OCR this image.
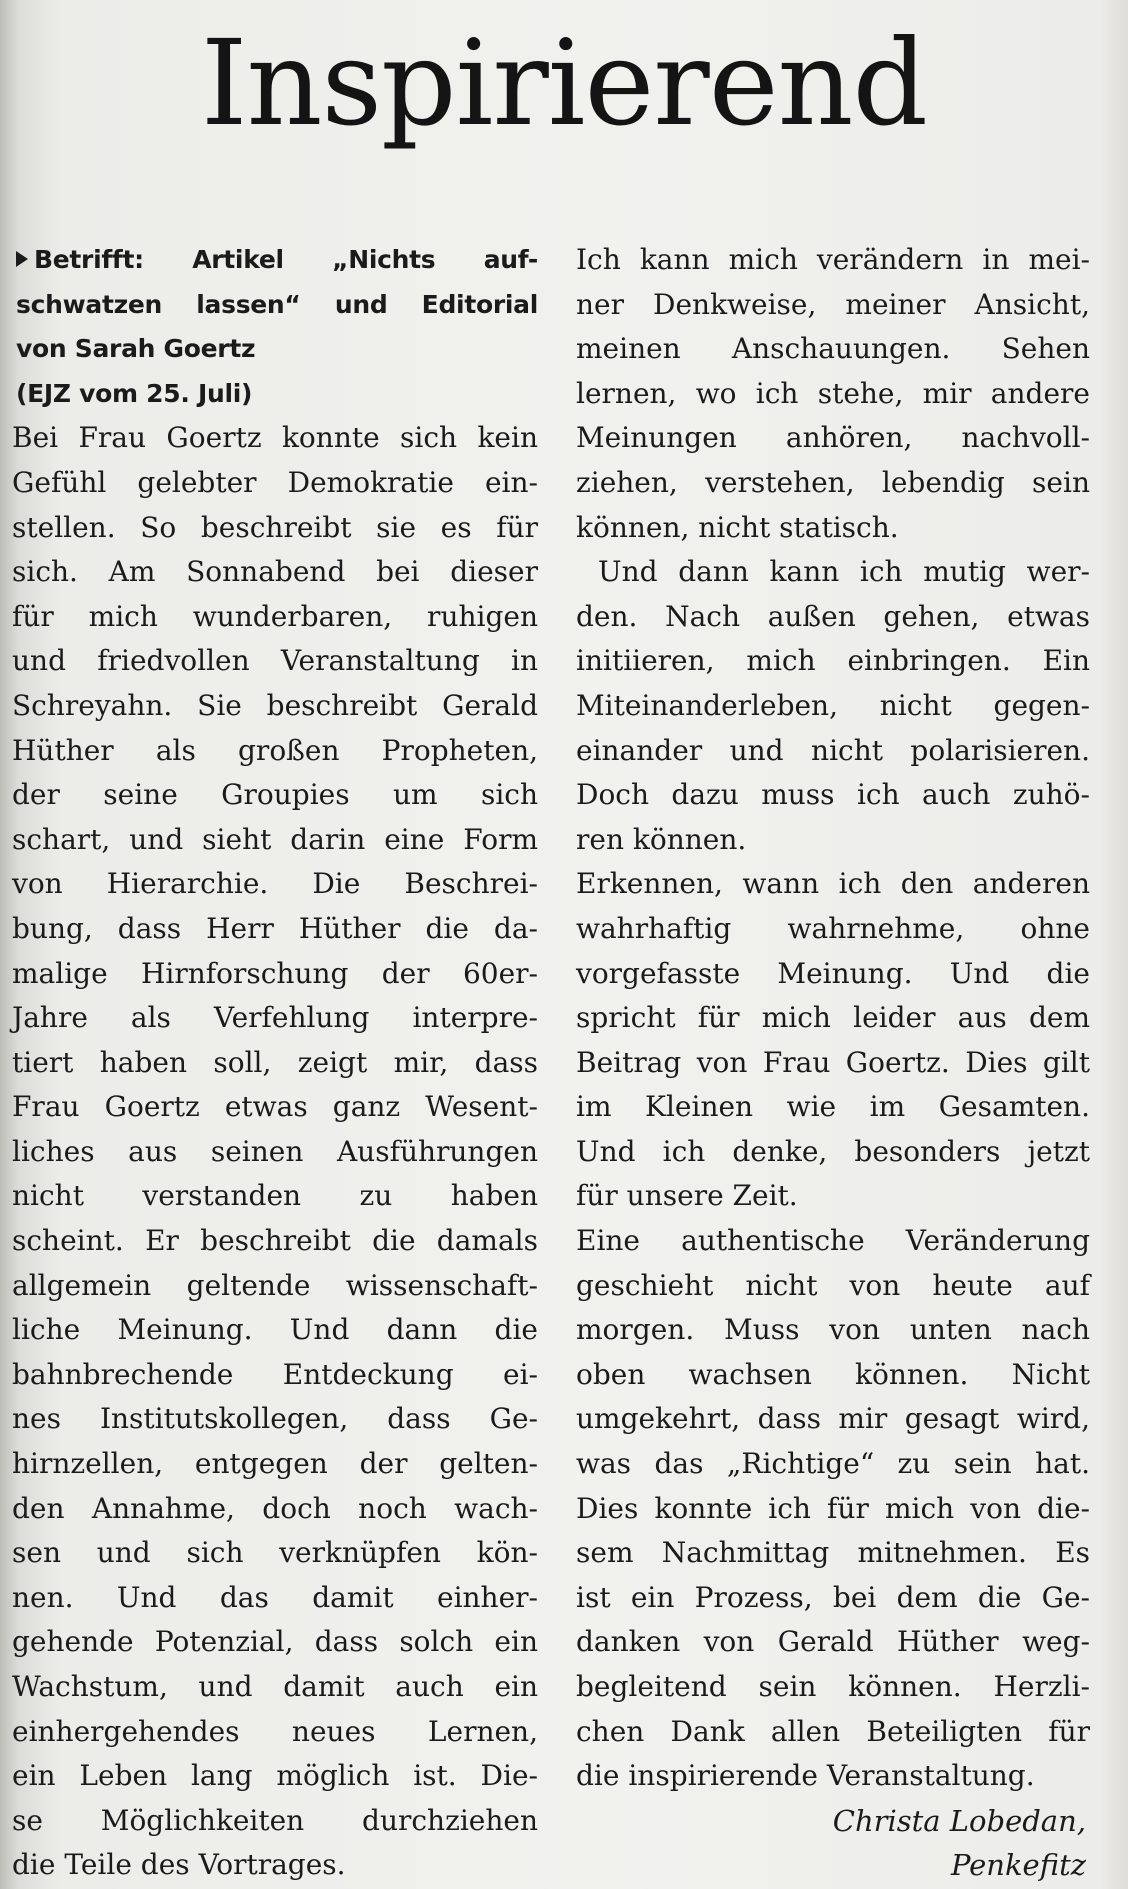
Inspirierend
Betrifft: Artikel „Nichts auf-
schwatzen lassen“ und Editorial
von Sarah Goertz
(EJZ vom 25. Juli)
Bei Frau Goertz konnte sich kein
Gefühl gelebter Demokratie ein-
stellen. So beschreibt sie es für
sich. Am Sonnabend bei dieser
für mich wunderbaren, ruhigen
und friedvollen Veranstaltung in
Schreyahn. Sie beschreibt Gerald
Hüther als großen Propheten,
der seine Groupies um sich
schart, und sieht darin eine Form
von Hierarchie. Die Beschrei-
bung, dass Herr Hüther die da-
malige Hirnforschung der 60er-
Jahre als Verfehlung interpre-
tiert haben soll, zeigt mir, dass
Frau Goertz etwas ganz Wesent-
liches aus seinen Ausführungen
nicht verstanden zu haben
scheint. Er beschreibt die damals
allgemein geltende wissenschaft-
liche Meinung. Und dann die
bahnbrechende Entdeckung ei-
nes Institutskollegen, dass Ge-
hirnzellen, entgegen der gelten-
den Annahme, doch noch wach-
sen und sich verknüpfen kön-
nen. Und das damit einher-
gehende Potenzial, dass solch ein
Wachstum, und damit auch ein
einhergehendes neues Lernen,
ein Leben lang möglich ist. Die-
se Möglichkeiten durchziehen
die Teile des Vortrages.
Ich kann mich verändern in mei-
ner Denkweise, meiner Ansicht,
meinen Anschauungen. Sehen
lernen, wo ich stehe, mir andere
Meinungen anhören, nachvoll-
ziehen, verstehen, lebendig sein
können, nicht statisch.
Und dann kann ich mutig wer-
den. Nach außen gehen, etwas
initiieren, mich einbringen. Ein
Miteinanderleben, nicht gegen-
einander und nicht polarisieren.
Doch dazu muss ich auch zuhö-
ren können.
Erkennen, wann ich den anderen
wahrhaftig wahrnehme, ohne
vorgefasste Meinung. Und die
spricht für mich leider aus dem
Beitrag von Frau Goertz. Dies gilt
im Kleinen wie im Gesamten.
Und ich denke, besonders jetzt
für unsere Zeit.
Eine authentische Veränderung
geschieht nicht von heute auf
morgen. Muss von unten nach
oben wachsen können. Nicht
umgekehrt, dass mir gesagt wird,
was das „Richtige“ zu sein hat.
Dies konnte ich für mich von die-
sem Nachmittag mitnehmen. Es
ist ein Prozess, bei dem die Ge-
danken von Gerald Hüther weg-
begleitend sein können. Herzli-
chen Dank allen Beteiligten für
die inspirierende Veranstaltung.
Christa Lobedan,
Penkefitz
